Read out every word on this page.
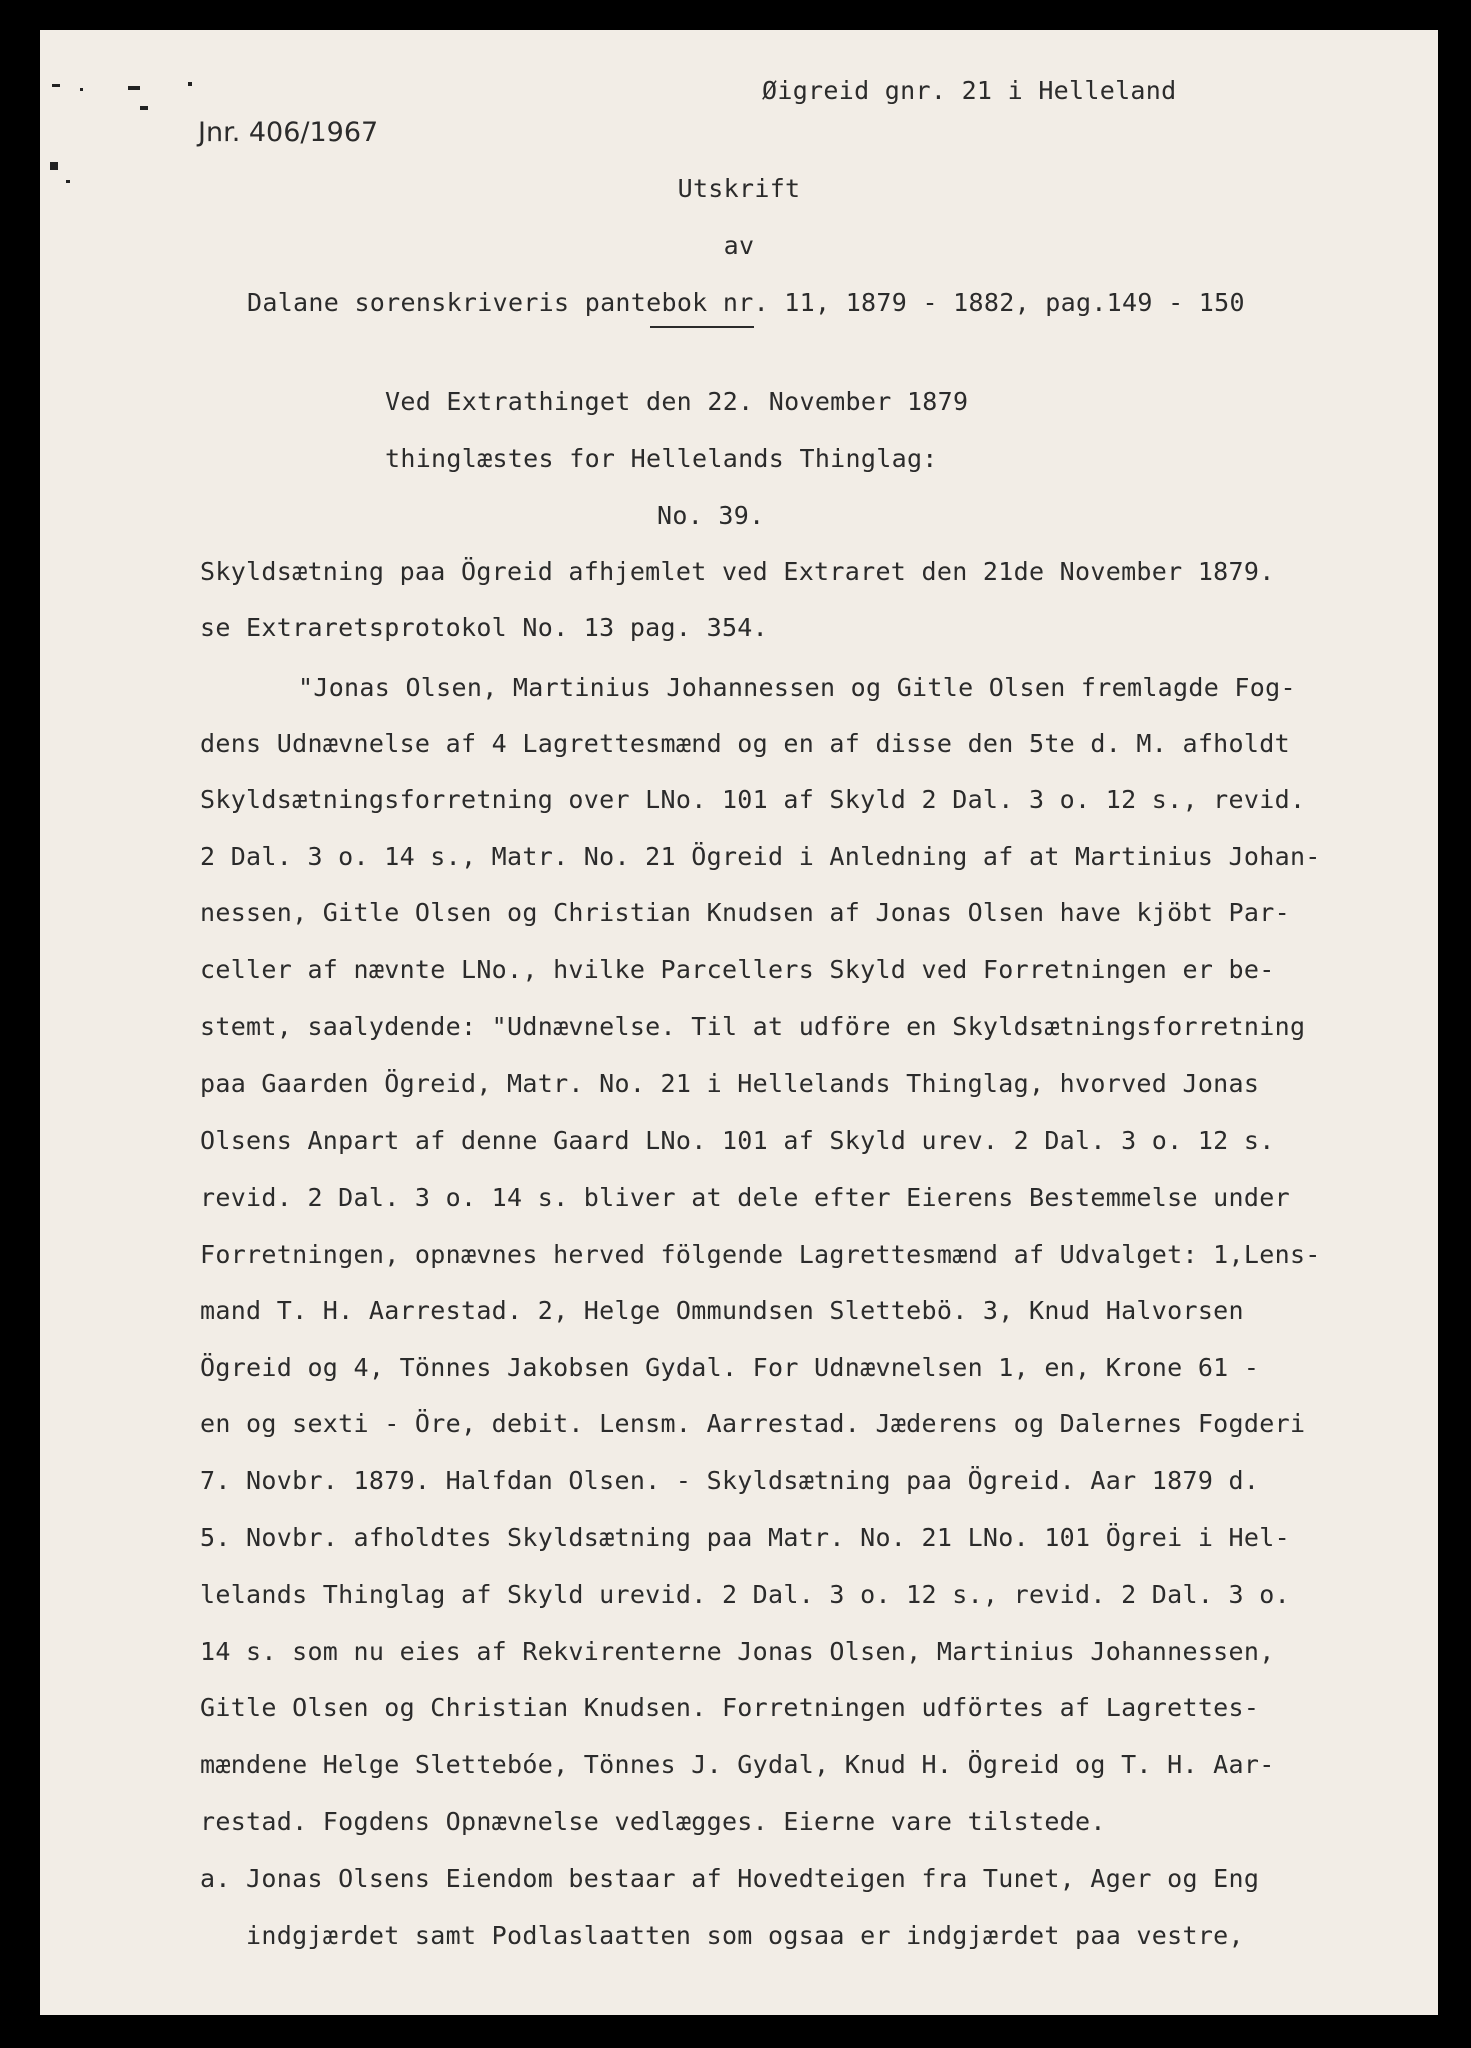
Øigreid gnr. 21 i Helleland
Jnr. 406/1967
Utskrift
av
Dalane sorenskriveris pantebok nr. 11, 1879 - 1882, pag.149 - 150
Ved Extrathinget den 22. November 1879
thinglæstes for Hellelands Thinglag:
No. 39.
Skyldsætning paa Ögreid afhjemlet ved Extraret den 21de November 1879.
se Extraretsprotokol No. 13 pag. 354.
"Jonas Olsen, Martinius Johannessen og Gitle Olsen fremlagde Fog-
dens Udnævnelse af 4 Lagrettesmænd og en af disse den 5te d. M. afholdt
Skyldsætningsforretning over LNo. 101 af Skyld 2 Dal. 3 o. 12 s., revid.
2 Dal. 3 o. 14 s., Matr. No. 21 Ögreid i Anledning af at Martinius Johan-
nessen, Gitle Olsen og Christian Knudsen af Jonas Olsen have kjöbt Par-
celler af nævnte LNo., hvilke Parcellers Skyld ved Forretningen er be-
stemt, saalydende: "Udnævnelse. Til at udföre en Skyldsætningsforretning
paa Gaarden Ögreid, Matr. No. 21 i Hellelands Thinglag, hvorved Jonas
Olsens Anpart af denne Gaard LNo. 101 af Skyld urev. 2 Dal. 3 o. 12 s.
revid. 2 Dal. 3 o. 14 s. bliver at dele efter Eierens Bestemmelse under
Forretningen, opnævnes herved fölgende Lagrettesmænd af Udvalget: 1,Lens-
mand T. H. Aarrestad. 2, Helge Ommundsen Slettebö. 3, Knud Halvorsen
Ögreid og 4, Tönnes Jakobsen Gydal. For Udnævnelsen 1, en, Krone 61 -
en og sexti - Öre, debit. Lensm. Aarrestad. Jæderens og Dalernes Fogderi
7. Novbr. 1879. Halfdan Olsen. - Skyldsætning paa Ögreid. Aar 1879 d.
5. Novbr. afholdtes Skyldsætning paa Matr. No. 21 LNo. 101 Ögrei i Hel-
lelands Thinglag af Skyld urevid. 2 Dal. 3 o. 12 s., revid. 2 Dal. 3 o.
14 s. som nu eies af Rekvirenterne Jonas Olsen, Martinius Johannessen,
Gitle Olsen og Christian Knudsen. Forretningen udförtes af Lagrettes-
mændene Helge Slettebóe, Tönnes J. Gydal, Knud H. Ögreid og T. H. Aar-
restad. Fogdens Opnævnelse vedlægges. Eierne vare tilstede.
a. Jonas Olsens Eiendom bestaar af Hovedteigen fra Tunet, Ager og Eng
indgjærdet samt Podlaslaatten som ogsaa er indgjærdet paa vestre,
